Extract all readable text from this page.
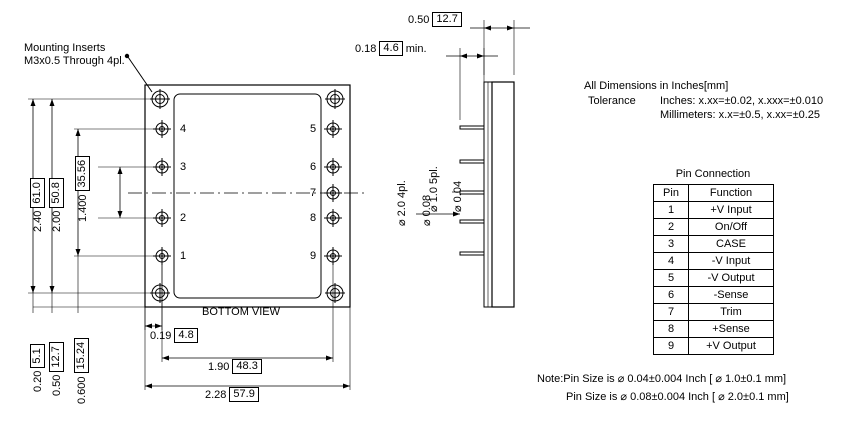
Mounting Inserts
M3x0.5 Through 4pl.
4
3
2
1
5
6
7
8
9
BOTTOM VIEW
2.40
61.0
2.00
50.8
1.400
35.56
0.20
5.1
0.50
12.7
0.600
15.24
0.19 4.8
1.90 48.3
2.28 57.9
0.50 12.7
0.18 4.6 min.
⌀ 0.08
⌀ 2.0 4pl.	⌀ 0.04
⌀ 1.0 5pl.
All Dimensions in Inches[mm]
Tolerance Inches: x.xx=±0.02, x.xxx=±0.010
Millimeters: x.x=±0.5, x.xx=±0.25
Pin Connection
Pin	Function
1	+V Input
2	On/Off
3	CASE
4	-V Input
5	-V Output
6	-Sense
7	Trim
8	+Sense
9	+V Output
Note:Pin Size is ⌀ 0.04±0.004 Inch [ ⌀ 1.0±0.1 mm]
Pin Size is ⌀ 0.08±0.004 Inch [ ⌀ 2.0±0.1 mm]
